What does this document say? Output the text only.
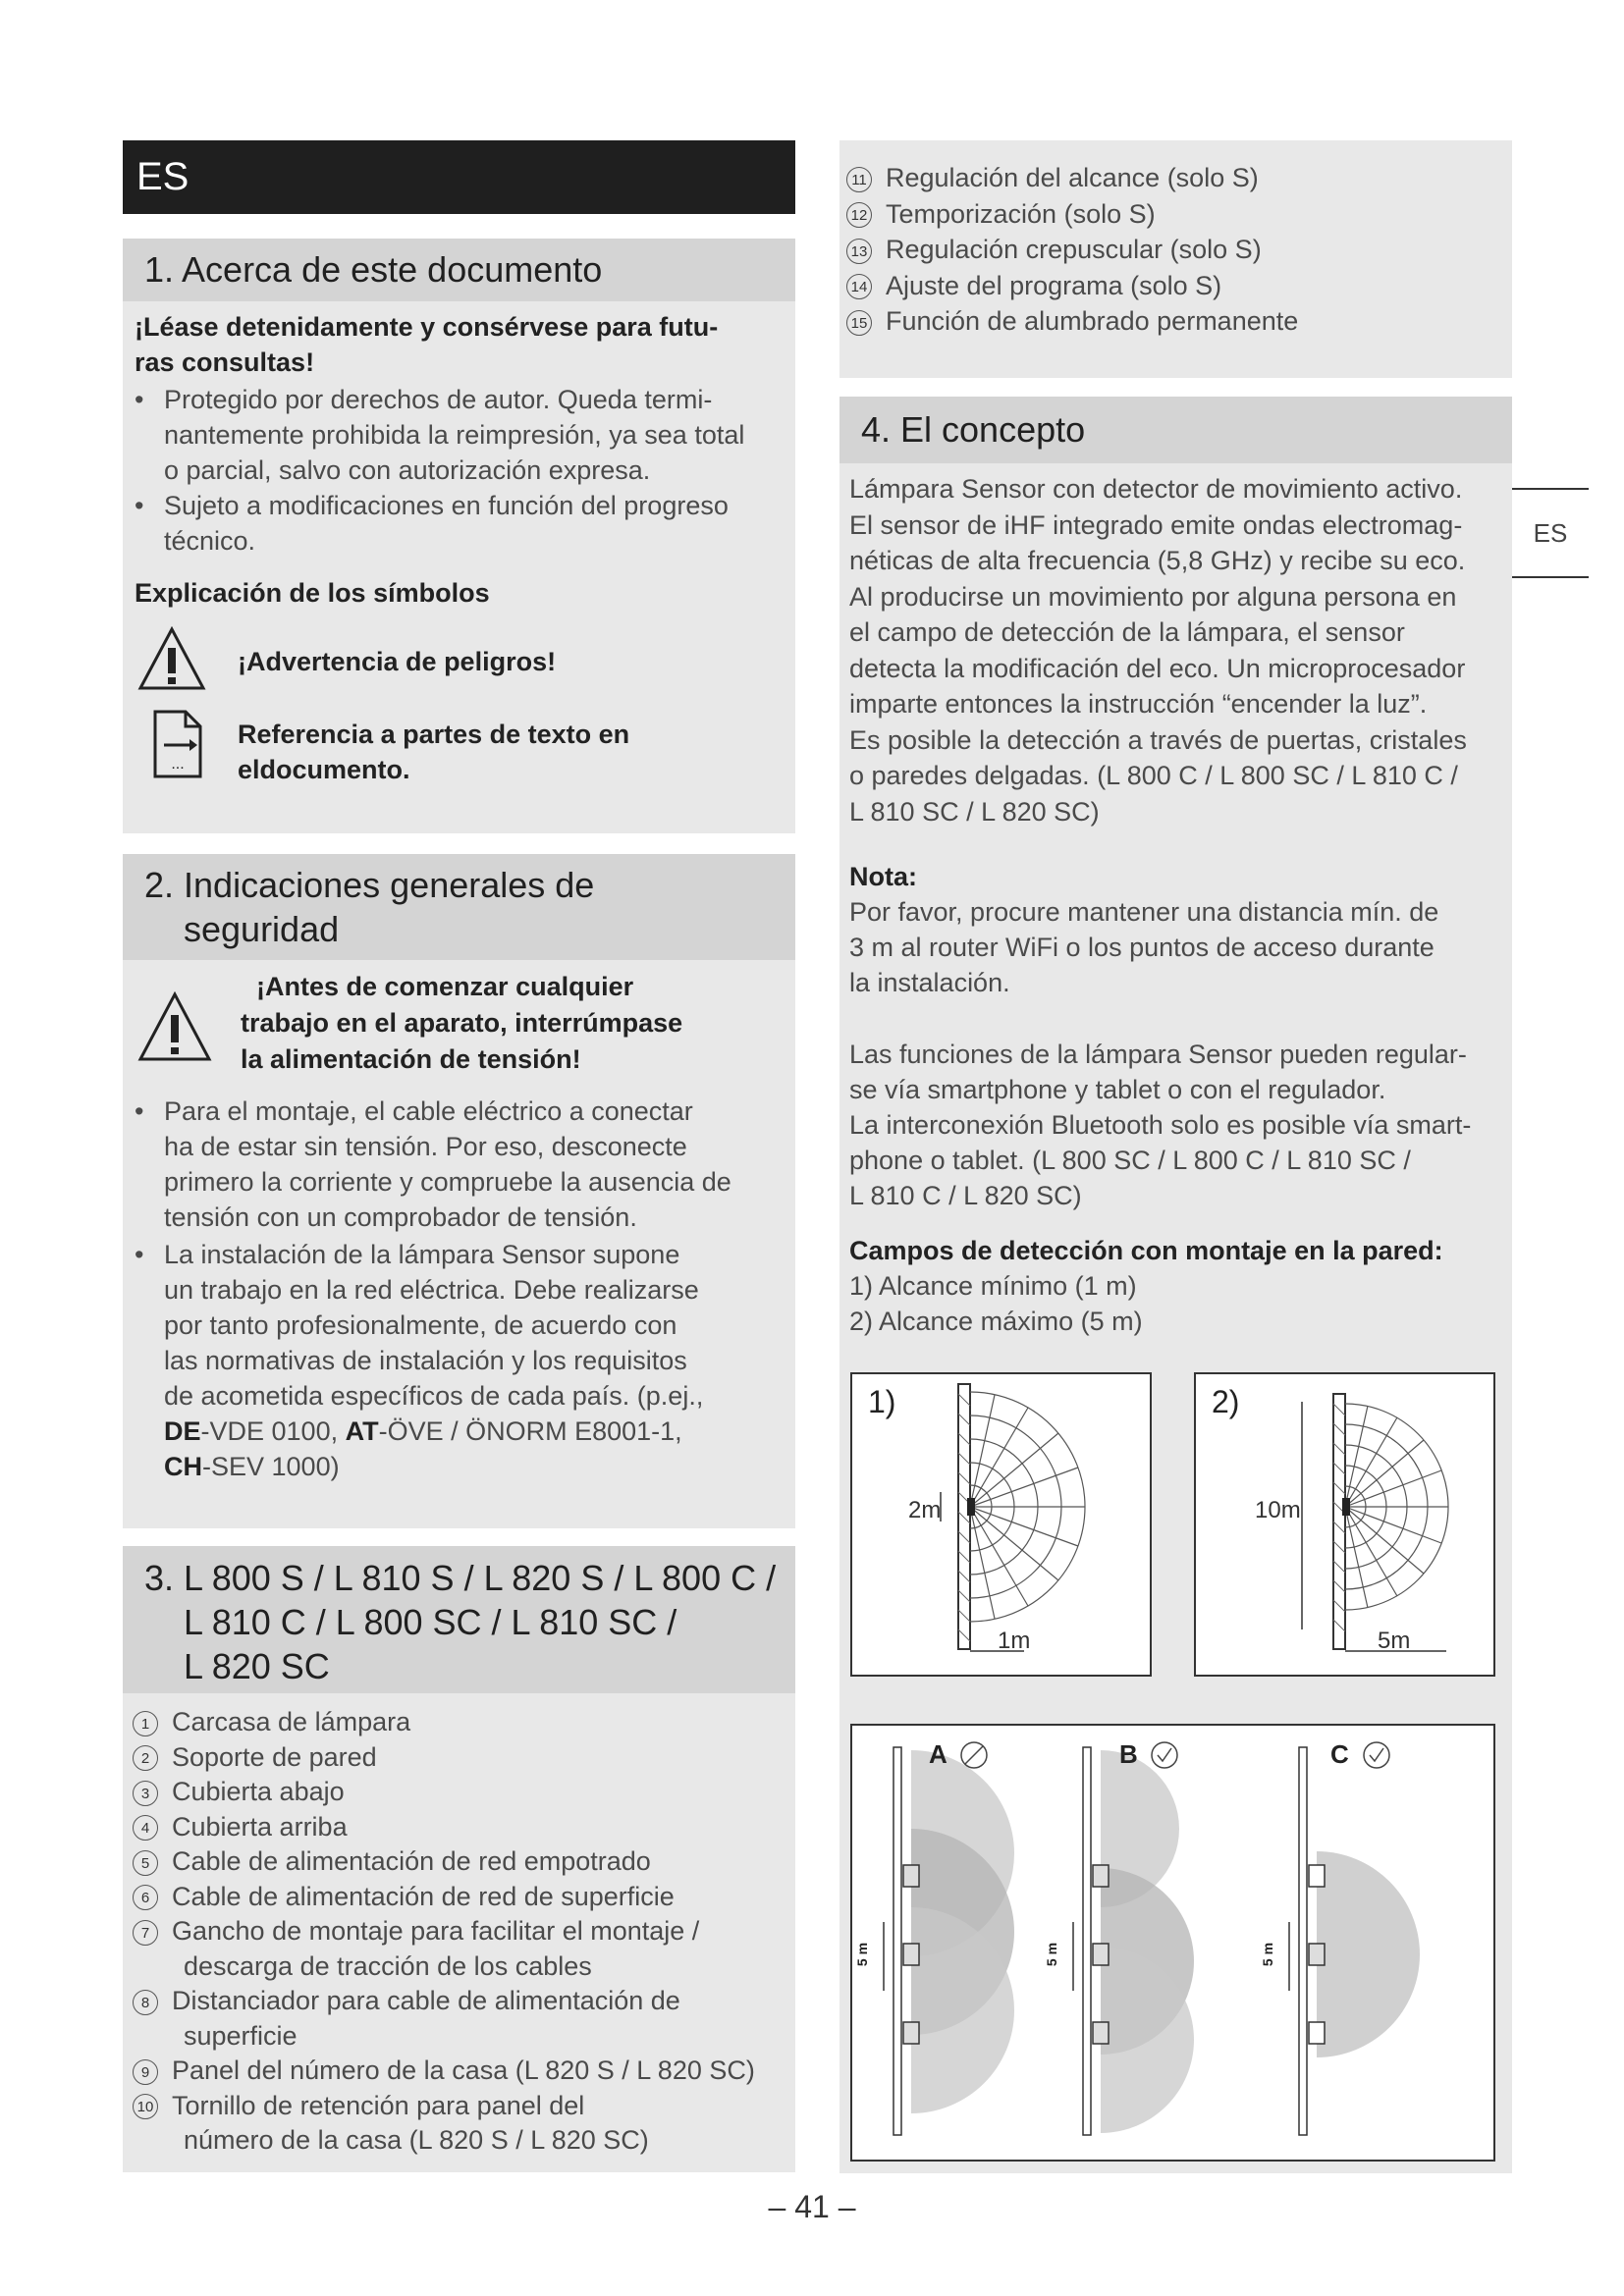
ES
1. Acerca de este documento
¡Léase detenidamente y consérvese para futu-
ras consultas!
• Protegido por derechos de autor. Queda termi-
nantemente prohibida la reimpresión, ya sea total
o parcial, salvo con autorización expresa.
• Sujeto a modificaciones en función del progreso
técnico.
Explicación de los símbolos
¡Advertencia de peligros!
...
Referencia a partes de texto en
eldocumento.
2. Indicaciones generales de
seguridad
¡Antes de comenzar cualquier
trabajo en el aparato, interrúmpase
la alimentación de tensión!
• Para el montaje, el cable eléctrico a conectar
ha de estar sin tensión. Por eso, desconecte
primero la corriente y compruebe la ausencia de
tensión con un comprobador de tensión.
• La instalación de la lámpara Sensor supone
un trabajo en la red eléctrica. Debe realizarse
por tanto profesionalmente, de acuerdo con
las normativas de instalación y los requisitos
de acometida específicos de cada país. (p.ej.,
DE-VDE 0100, AT-ÖVE / ÖNORM E8001-1,
CH-SEV 1000)
3. L 800 S / L 810 S / L 820 S / L 800 C /
L 810 C / L 800 SC / L 810 SC /
L 820 SC
1 Carcasa de lámpara
2 Soporte de pared
3 Cubierta abajo
4 Cubierta arriba
5 Cable de alimentación de red empotrado
6 Cable de alimentación de red de superficie
7 Gancho de montaje para facilitar el montaje /
descarga de tracción de los cables
8 Distanciador para cable de alimentación de
superficie
9 Panel del número de la casa (L 820 S / L 820 SC)
10 Tornillo de retención para panel del
número de la casa (L 820 S / L 820 SC)
11 Regulación del alcance (solo S)
12 Temporización (solo S)
13 Regulación crepuscular (solo S)
14 Ajuste del programa (solo S)
15 Función de alumbrado permanente
4. El concepto
Lámpara Sensor con detector de movimiento activo.
El sensor de iHF integrado emite ondas electromag-
néticas de alta frecuencia (5,8 GHz) y recibe su eco.
Al producirse un movimiento por alguna persona en
el campo de detección de la lámpara, el sensor
detecta la modificación del eco. Un microprocesador
imparte entonces la instrucción “encender la luz”.
Es posible la detección a través de puertas, cristales
o paredes delgadas. (L 800 C / L 800 SC / L 810 C /
L 810 SC / L 820 SC)
ES
Nota:
Por favor, procure mantener una distancia mín. de
3 m al router WiFi o los puntos de acceso durante
la instalación.
Las funciones de la lámpara Sensor pueden regular-
se vía smartphone y tablet o con el regulador.
La interconexión Bluetooth solo es posible vía smart-
phone o tablet. (L 800 SC / L 800 C / L 810 SC /
L 810 C / L 820 SC)
Campos de detección con montaje en la pared:
1) Alcance mínimo (1 m)
2) Alcance máximo (5 m)
1)
2m
1m
2)
10m
5m
A	B	C
5 m	5 m	5 m
– 41 –
